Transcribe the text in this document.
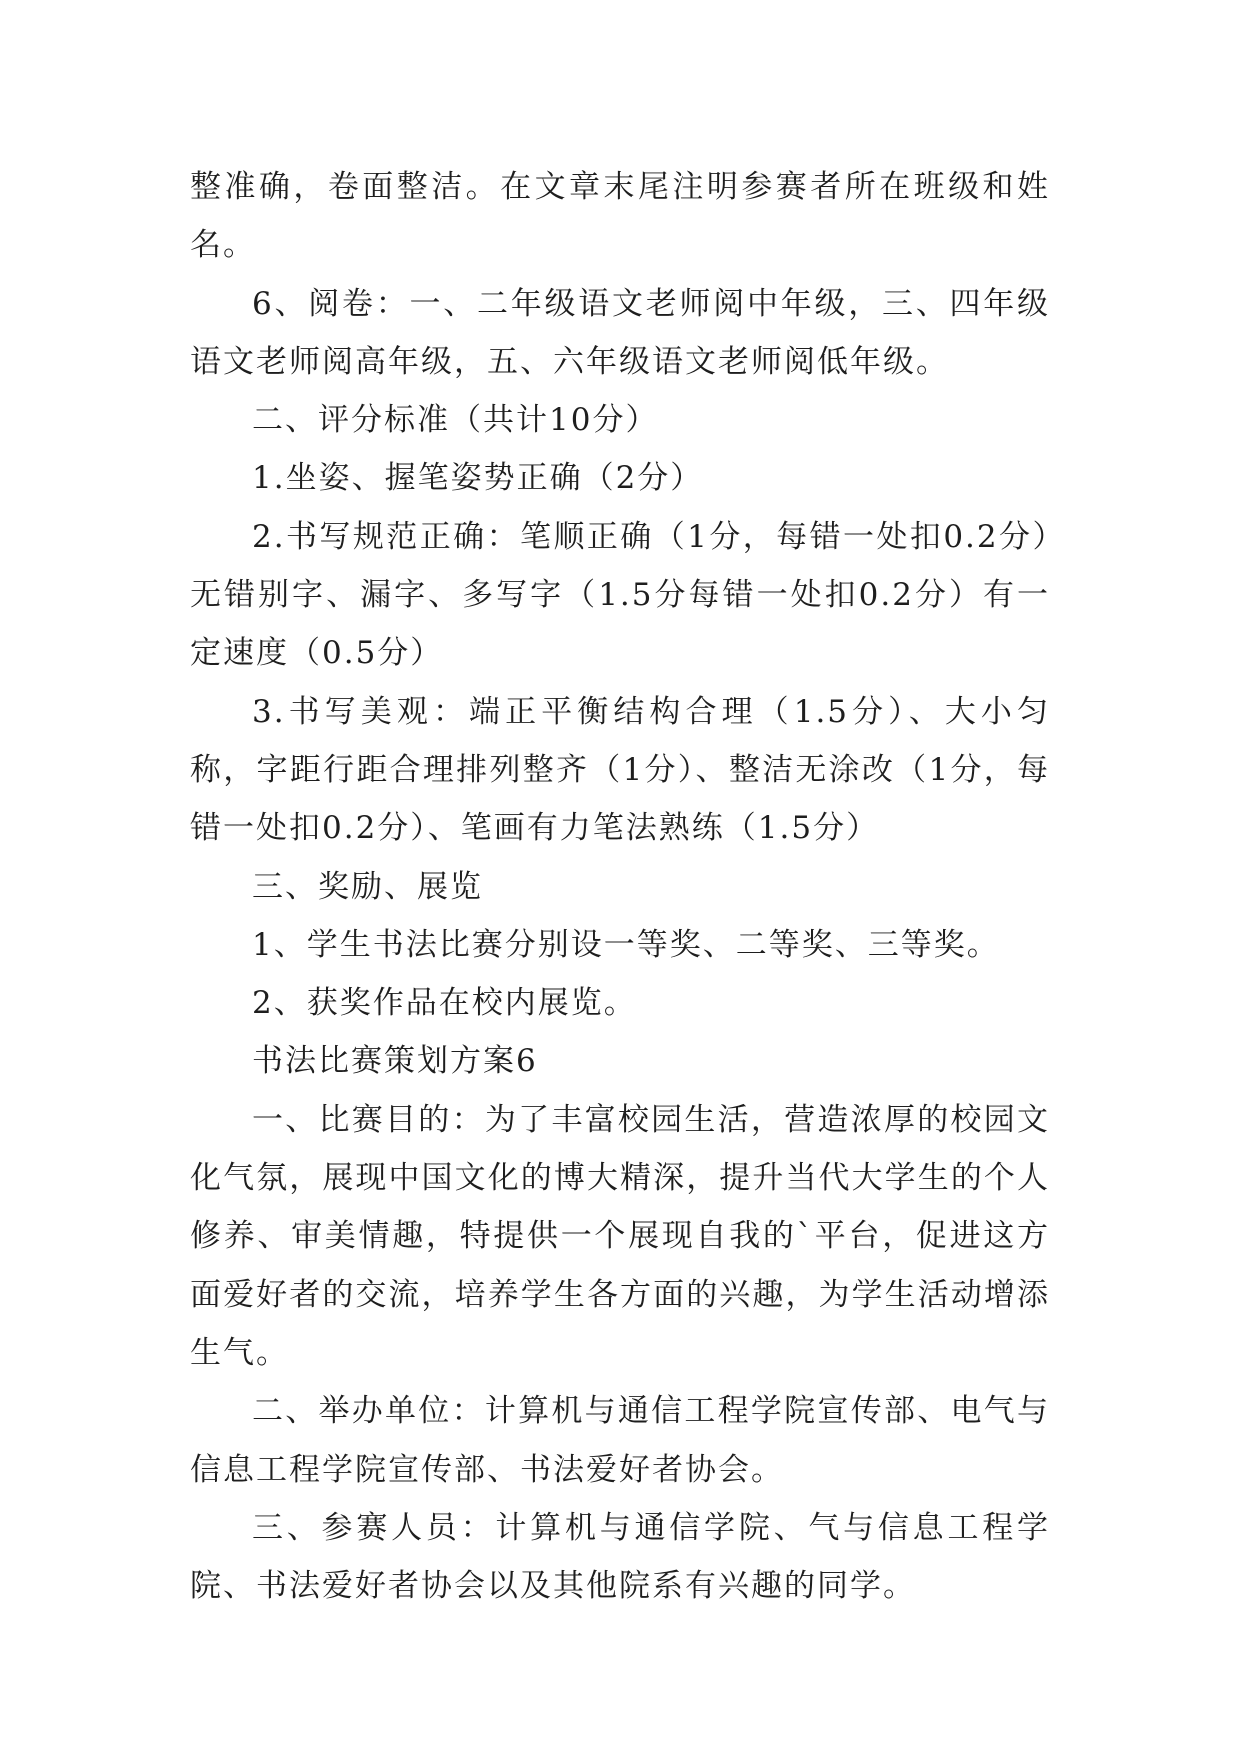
整准确，卷面整洁。在文章末尾注明参赛者所在班级和姓名。

6、阅卷：一、二年级语文老师阅中年级，三、四年级语文老师阅高年级，五、六年级语文老师阅低年级。

二、评分标准（共计10分）

1.坐姿、握笔姿势正确（2分）

2.书写规范正确：笔顺正确（1分，每错一处扣0.2分）无错别字、漏字、多写字（1.5分每错一处扣0.2分）有一定速度（0.5分）

3.书写美观：端正平衡结构合理（1.5分）、大小匀称，字距行距合理排列整齐（1分）、整洁无涂改（1分，每错一处扣0.2分）、笔画有力笔法熟练（1.5分）

三、奖励、展览

1、学生书法比赛分别设一等奖、二等奖、三等奖。

2、获奖作品在校内展览。

书法比赛策划方案6

一、比赛目的：为了丰富校园生活，营造浓厚的校园文化气氛，展现中国文化的博大精深，提升当代大学生的个人修养、审美情趣，特提供一个展现自我的`平台，促进这方面爱好者的交流，培养学生各方面的兴趣，为学生活动增添生气。

二、举办单位：计算机与通信工程学院宣传部、电气与信息工程学院宣传部、书法爱好者协会。

三、参赛人员：计算机与通信学院、气与信息工程学院、书法爱好者协会以及其他院系有兴趣的同学。
